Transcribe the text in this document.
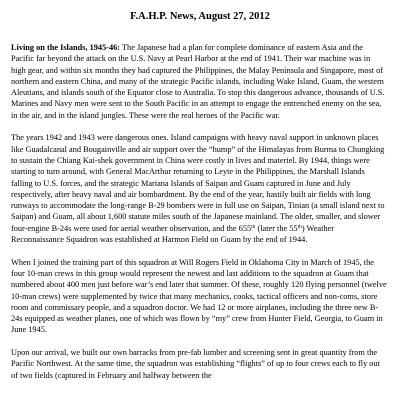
F.A.H.P. News, August 27, 2012

Living on the Islands, 1945-46: The Japanese had a plan for complete dominance of eastern Asia and the Pacific far beyond the attack on the U.S. Navy at Pearl Harbor at the end of 1941. Their war machine was in high gear, and within six months they had captured the Philippines, the Malay Peninsula and Singapore, most of northern and eastern China, and many of the strategic Pacific islands, including Wake Island, Guam, the western Aleutians, and islands south of the Equator close to Australia. To stop this dangerous advance, thousands of U.S. Marines and Navy men were sent to the South Pacific in an attempt to engage the entrenched enemy on the sea, in the air, and in the island jungles. These were the real heroes of the Pacific war.

The years 1942 and 1943 were dangerous ones. Island campaigns with heavy naval support in unknown places like Guadalcanal and Bougainville and air support over the “hump” of the Himalayas from Burma to Chungking to sustain the Chiang Kai-shek government in China were costly in lives and materiel. By 1944, things were starting to turn around, with General MacArthur returning to Leyte in the Philippines, the Marshall Islands falling to U.S. forces, and the strategic Mariana Islands of Saipan and Guam captured in June and July respectively, after heavy naval and air bombardment. By the end of the year, hastily built air fields with long runways to accommodate the long-range B-29 bombers were in full use on Saipan, Tinian (a small island next to Saipan) and Guam, all about 1,600 statute miles south of the Japanese mainland. The older, smaller, and slower four-engine B-24s were used for aerial weather observation, and the 655th (later the 55th) Weather Reconnaissance Squadron was established at Harmon Field on Guam by the end of 1944.

When I joined the training part of this squadron at Will Rogers Field in Oklahoma City in March of 1945, the four 10-man crews in this group would represent the newest and last additions to the squadron at Guam that numbered about 400 men just before war’s end later that summer. Of these, roughly 120 flying personnel (twelve 10-man crews) were supplemented by twice that many mechanics, cooks, tactical officers and non-coms, store room and commissary people, and a squadron doctor. We had 12 or more airplanes, including the three new B-24s equipped as weather planes, one of which was flown by “my” crew from Hunter Field, Georgia, to Guam in June 1945.

Upon our arrival, we built our own barracks from pre-fab lumber and screening sent in great quantity from the Pacific Northwest. At the same time, the squadron was establishing “flights” of up to four crews each to fly out of two fields (captured in February and halfway between the
